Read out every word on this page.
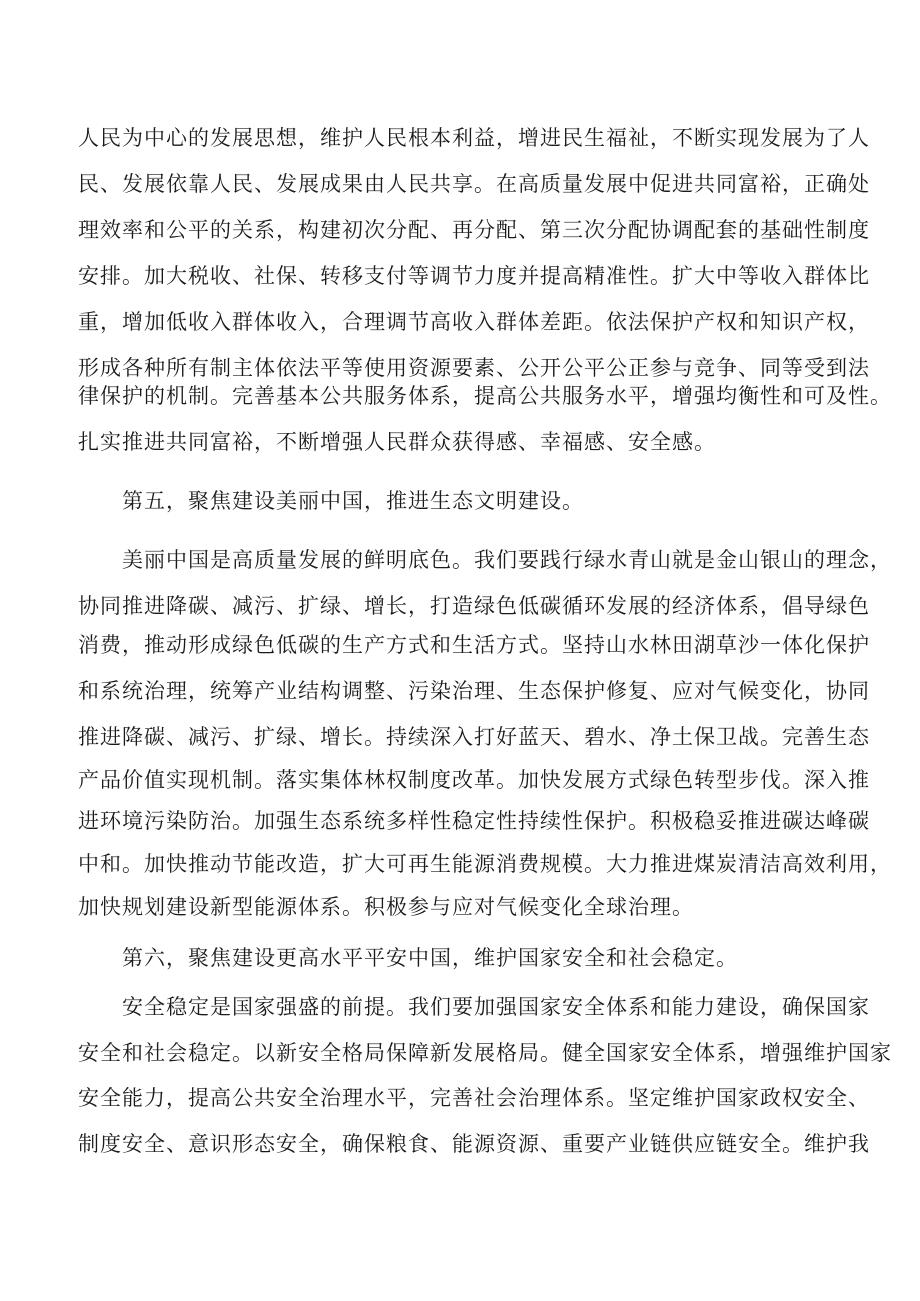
人民为中心的发展思想，维护人民根本利益，增进民生福祉，不断实现发展为了人
民、发展依靠人民、发展成果由人民共享。在高质量发展中促进共同富裕，正确处
理效率和公平的关系，构建初次分配、再分配、第三次分配协调配套的基础性制度
安排。加大税收、社保、转移支付等调节力度并提高精准性。扩大中等收入群体比
重，增加低收入群体收入，合理调节高收入群体差距。依法保护产权和知识产权，
形成各种所有制主体依法平等使用资源要素、公开公平公正参与竞争、同等受到法
律保护的机制。完善基本公共服务体系，提高公共服务水平，增强均衡性和可及性。
扎实推进共同富裕，不断增强人民群众获得感、幸福感、安全感。
第五，聚焦建设美丽中国，推进生态文明建设。
美丽中国是高质量发展的鲜明底色。我们要践行绿水青山就是金山银山的理念，
协同推进降碳、减污、扩绿、增长，打造绿色低碳循环发展的经济体系，倡导绿色
消费，推动形成绿色低碳的生产方式和生活方式。坚持山水林田湖草沙一体化保护
和系统治理，统筹产业结构调整、污染治理、生态保护修复、应对气候变化，协同
推进降碳、减污、扩绿、增长。持续深入打好蓝天、碧水、净土保卫战。完善生态
产品价值实现机制。落实集体林权制度改革。加快发展方式绿色转型步伐。深入推
进环境污染防治。加强生态系统多样性稳定性持续性保护。积极稳妥推进碳达峰碳
中和。加快推动节能改造，扩大可再生能源消费规模。大力推进煤炭清洁高效利用，
加快规划建设新型能源体系。积极参与应对气候变化全球治理。
第六，聚焦建设更高水平平安中国，维护国家安全和社会稳定。
安全稳定是国家强盛的前提。我们要加强国家安全体系和能力建设，确保国家
安全和社会稳定。以新安全格局保障新发展格局。健全国家安全体系，增强维护国家
安全能力，提高公共安全治理水平，完善社会治理体系。坚定维护国家政权安全、
制度安全、意识形态安全，确保粮食、能源资源、重要产业链供应链安全。维护我
